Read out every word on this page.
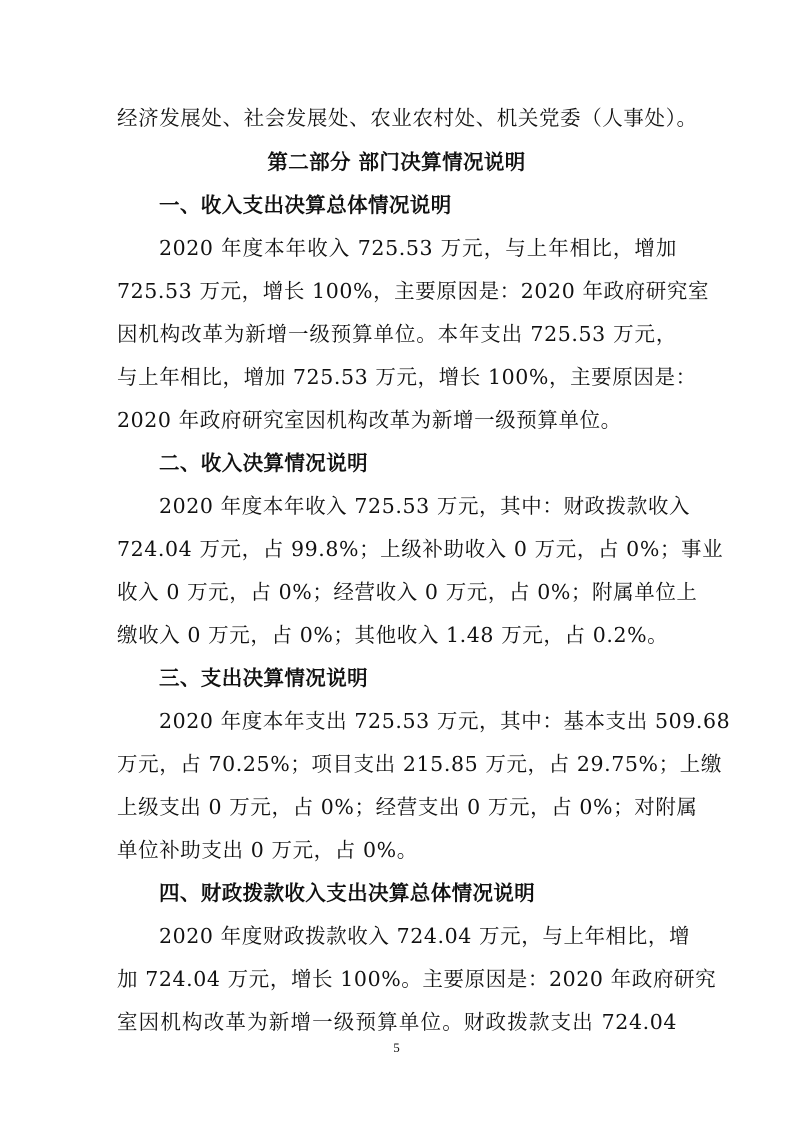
经济发展处、社会发展处、农业农村处、机关党委（人事处）。
第二部分 部门决算情况说明
一、收入支出决算总体情况说明
2020 年度本年收入 725.53 万元，与上年相比，增加
725.53 万元，增长 100%，主要原因是：2020 年政府研究室
因机构改革为新增一级预算单位。本年支出 725.53 万元，
与上年相比，增加 725.53 万元，增长 100%，主要原因是：
2020 年政府研究室因机构改革为新增一级预算单位。
二、收入决算情况说明
2020 年度本年收入 725.53 万元，其中：财政拨款收入
724.04 万元，占 99.8%；上级补助收入 0 万元，占 0%；事业
收入 0 万元，占 0%；经营收入 0 万元，占 0%；附属单位上
缴收入 0 万元，占 0%；其他收入 1.48 万元，占 0.2%。
三、支出决算情况说明
2020 年度本年支出 725.53 万元，其中：基本支出 509.68
万元，占 70.25%；项目支出 215.85 万元，占 29.75%；上缴
上级支出 0 万元，占 0%；经营支出 0 万元，占 0%；对附属
单位补助支出 0 万元，占 0%。
四、财政拨款收入支出决算总体情况说明
2020 年度财政拨款收入 724.04 万元，与上年相比，增
加 724.04 万元，增长 100%。主要原因是：2020 年政府研究
室因机构改革为新增一级预算单位。财政拨款支出 724.04
5
